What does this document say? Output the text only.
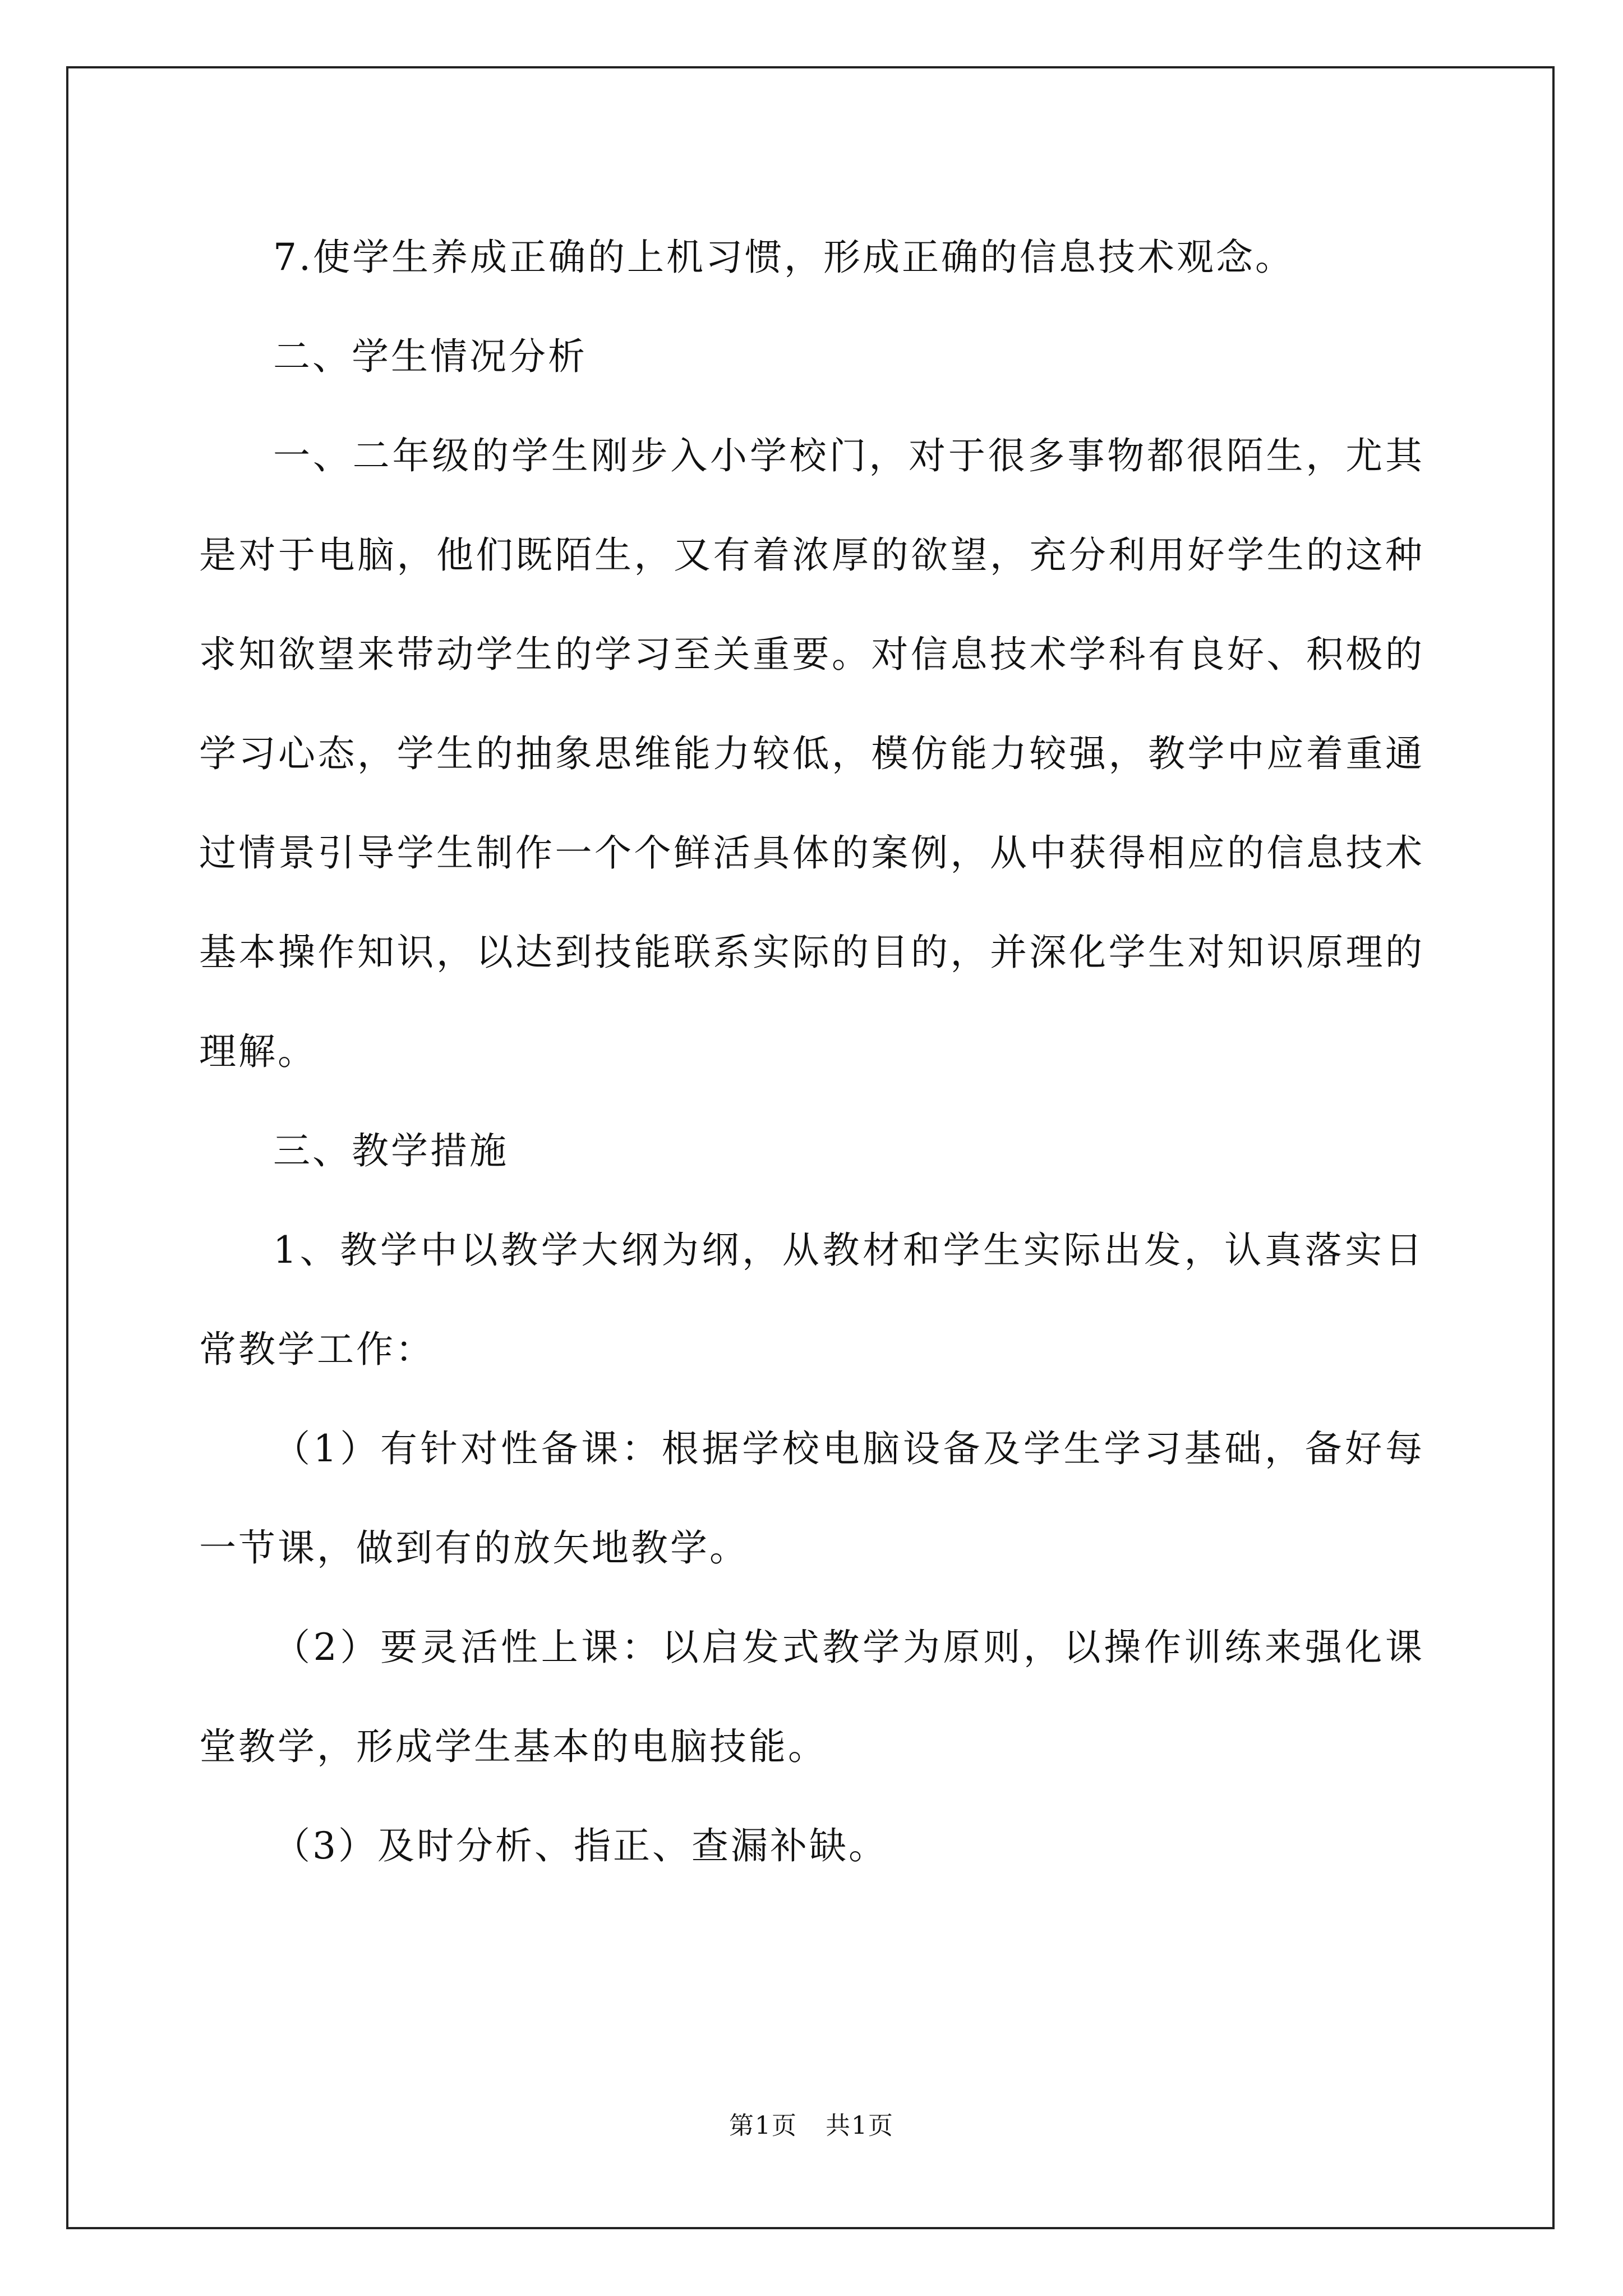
7.使学生养成正确的上机习惯，形成正确的信息技术观念。

二、学生情况分析

一、二年级的学生刚步入小学校门，对于很多事物都很陌生，尤其是对于电脑，他们既陌生，又有着浓厚的欲望，充分利用好学生的这种求知欲望来带动学生的学习至关重要。对信息技术学科有良好、积极的学习心态，学生的抽象思维能力较低，模仿能力较强，教学中应着重通过情景引导学生制作一个个鲜活具体的案例，从中获得相应的信息技术基本操作知识，以达到技能联系实际的目的，并深化学生对知识原理的理解。

三、教学措施

1、教学中以教学大纲为纲，从教材和学生实际出发，认真落实日常教学工作：

（1）有针对性备课：根据学校电脑设备及学生学习基础，备好每一节课，做到有的放矢地教学。

（2）要灵活性上课：以启发式教学为原则，以操作训练来强化课堂教学，形成学生基本的电脑技能。

（3）及时分析、指正、查漏补缺。

第1页 共1页
